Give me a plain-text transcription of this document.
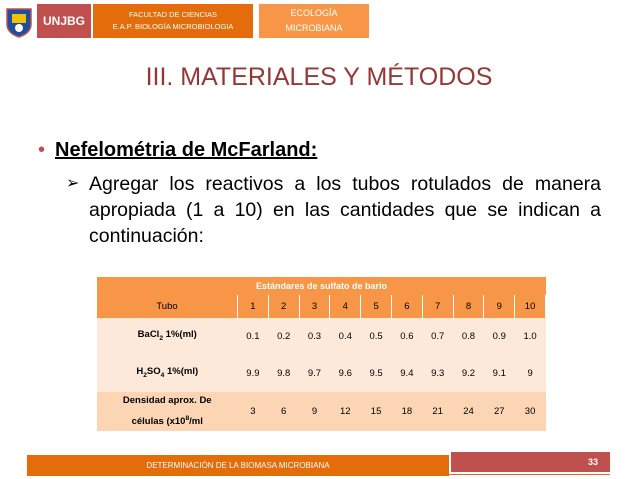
UNJBG	FACULTAD DE CIENCIAS
E.A.P. BIOLOGÍA MICROBIOLOGIA
ECOLOGÍA
MICROBIANA
III. MATERIALES Y MÉTODOS
• Nefelométria de McFarland:
➢ Agregar los reactivos a los tubos rotulados de manera apropiada (1 a 10) en las cantidades que se indican a continuación:
Estándares de sulfato de bario
Tubo	1	2	3	4	5	6	7	8	9	10
BaCl$_2$ 1%(ml)	0.1	0.2	0.3	0.4	0.5	0.6	0.7	0.8	0.9	1.0
$H_2SO_4$ 1%(ml)	9.9	9.8	9.7	9.6	9.5	9.4	9.3	9.2	9.1	9

Densidad aprox. De
células ($x10^8/ml$	3	6	9	12	15	18	21	24	27	30
DETERMINACIÓN DE LA BIOMASA MICROBIANA	33
